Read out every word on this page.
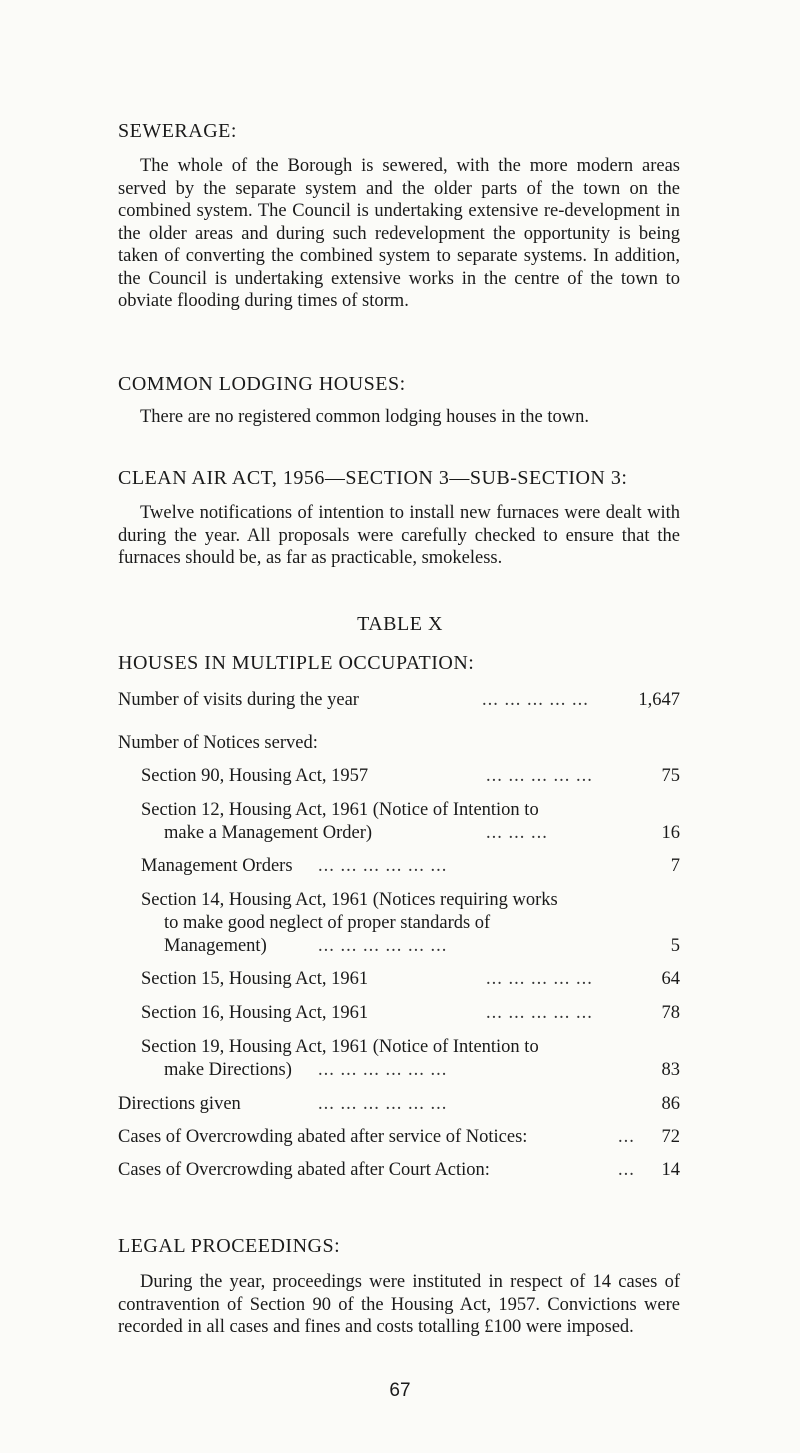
SEWERAGE:
The whole of the Borough is sewered, with the more modern areas served by the separate system and the older parts of the town on the combined system. The Council is undertaking extensive re-development in the older areas and during such redevelopment the opportunity is being taken of converting the combined system to separate systems. In addition, the Council is undertaking extensive works in the centre of the town to obviate flooding during times of storm.
COMMON LODGING HOUSES:
There are no registered common lodging houses in the town.
CLEAN AIR ACT, 1956—SECTION 3—SUB-SECTION 3:
Twelve notifications of intention to install new furnaces were dealt with during the year. All proposals were carefully checked to ensure that the furnaces should be, as far as practicable, smokeless.
TABLE X
HOUSES IN MULTIPLE OCCUPATION:
Number of visits during the year	... ... ... ... ...	1,647
Number of Notices served:
Section 90, Housing Act, 1957	... ... ... ... ...	75
Section 12, Housing Act, 1961 (Notice of Intention to
make a Management Order)	... ... ...	16
Management Orders ... ... ... ... ... ...	7
Section 14, Housing Act, 1961 (Notices requiring works
to make good neglect of proper standards of
Management)	... ... ... ... ... ...	5
Section 15, Housing Act, 1961	... ... ... ... ...	64
Section 16, Housing Act, 1961	... ... ... ... ...	78
Section 19, Housing Act, 1961 (Notice of Intention to
make Directions) ... ... ... ... ... ...	83
Directions given	... ... ... ... ... ...	86
Cases of Overcrowding abated after service of Notices:	...	72
Cases of Overcrowding abated after Court Action:	...	14
LEGAL PROCEEDINGS:
During the year, proceedings were instituted in respect of 14 cases of contravention of Section 90 of the Housing Act, 1957. Convictions were recorded in all cases and fines and costs totalling £100 were imposed.
67
